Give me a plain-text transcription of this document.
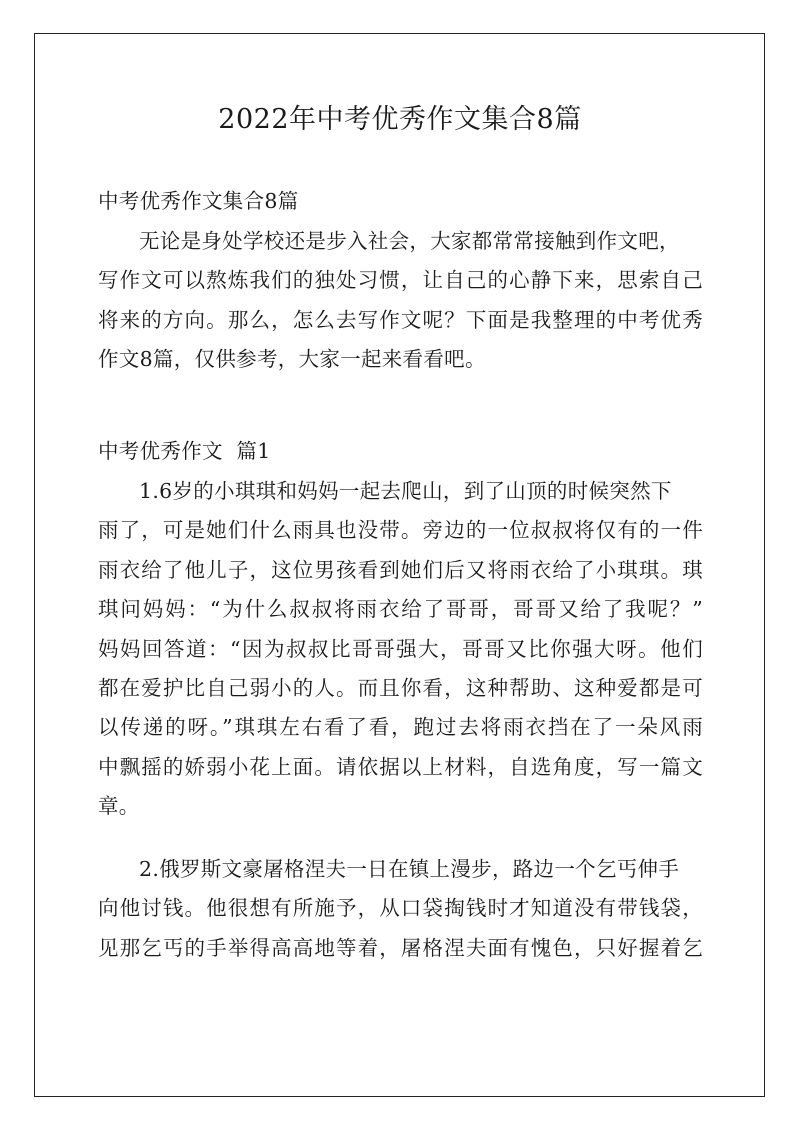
2022年中考优秀作文集合8篇
中考优秀作文集合8篇
无论是身处学校还是步入社会，大家都常常接触到作文吧，
写作文可以熬炼我们的独处习惯，让自己的心静下来，思索自己
将来的方向。那么，怎么去写作文呢？下面是我整理的中考优秀
作文8篇，仅供参考，大家一起来看看吧。
中考优秀作文  篇1
1.6岁的小琪琪和妈妈一起去爬山，到了山顶的时候突然下
雨了，可是她们什么雨具也没带。旁边的一位叔叔将仅有的一件
雨衣给了他儿子，这位男孩看到她们后又将雨衣给了小琪琪。琪
琪问妈妈：“为什么叔叔将雨衣给了哥哥，哥哥又给了我呢？”
妈妈回答道：“因为叔叔比哥哥强大，哥哥又比你强大呀。他们
都在爱护比自己弱小的人。而且你看，这种帮助、这种爱都是可
以传递的呀。”琪琪左右看了看，跑过去将雨衣挡在了一朵风雨
中飘摇的娇弱小花上面。请依据以上材料，自选角度，写一篇文
章。
2.俄罗斯文豪屠格涅夫一日在镇上漫步，路边一个乞丐伸手
向他讨钱。他很想有所施予，从口袋掏钱时才知道没有带钱袋，
见那乞丐的手举得高高地等着，屠格涅夫面有愧色，只好握着乞
